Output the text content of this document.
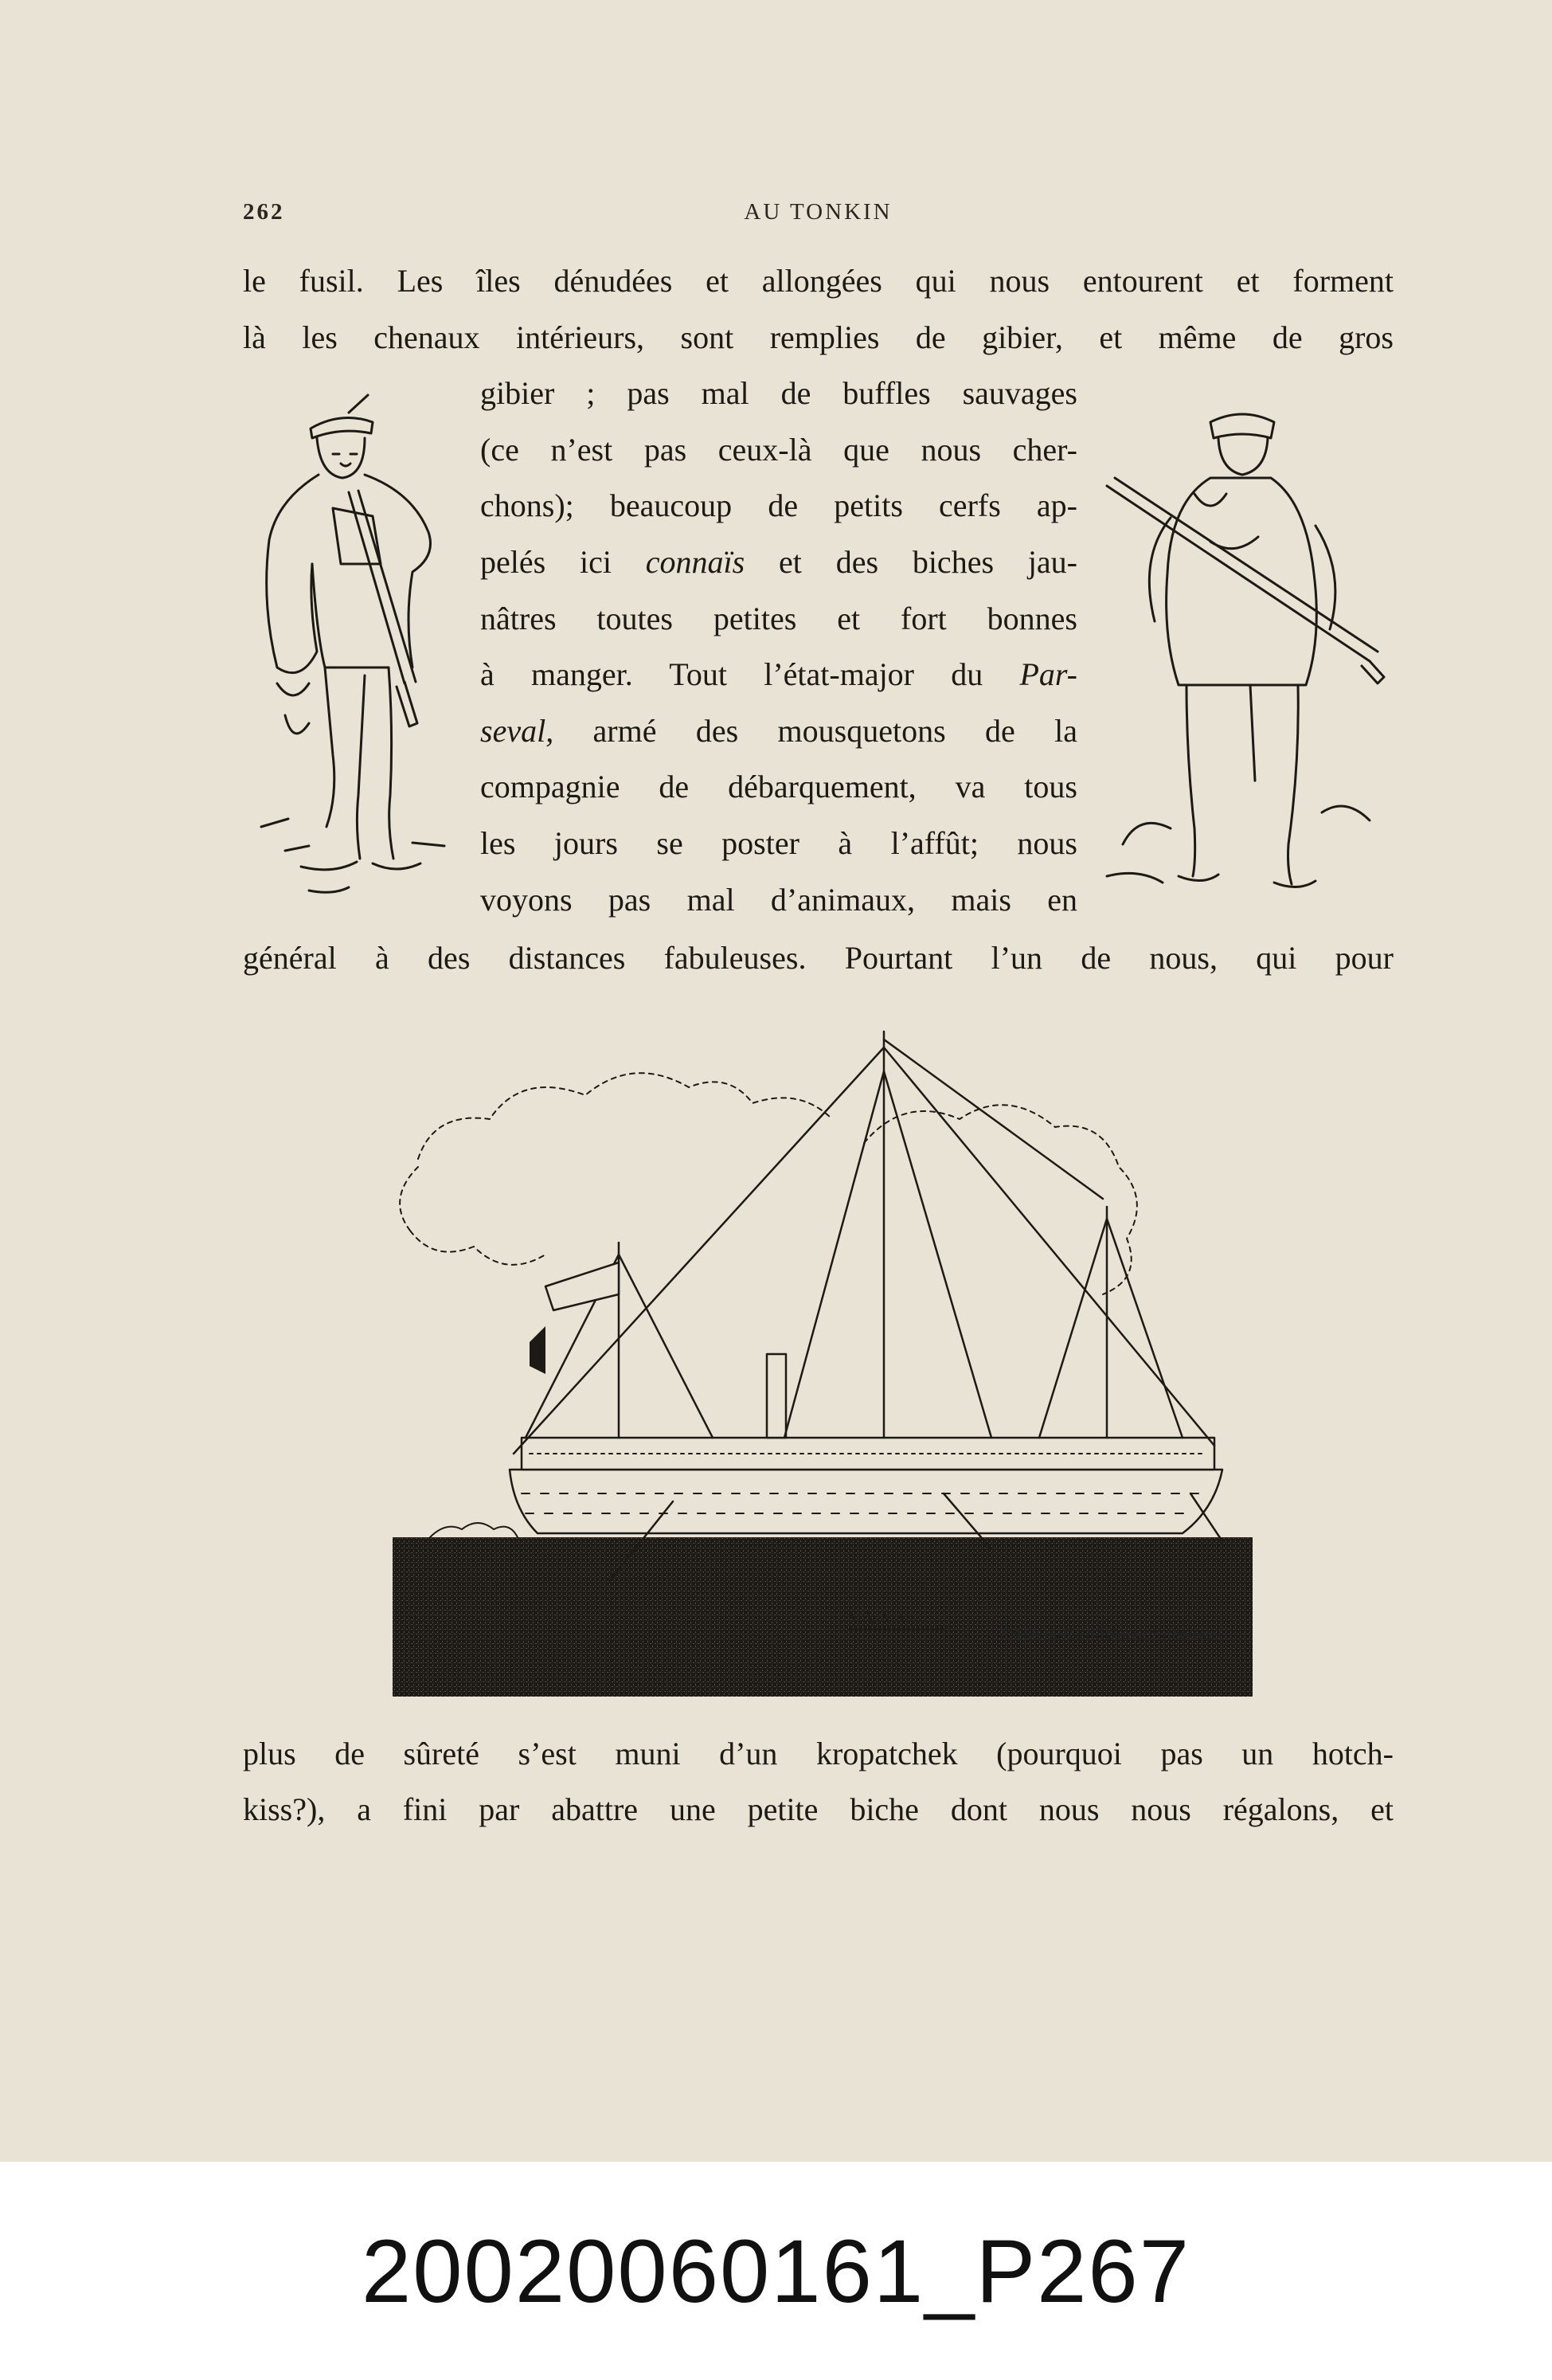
262	AU TONKIN
le fusil. Les îles dénudées et allongées qui nous entourent et forment
là les chenaux intérieurs, sont remplies de gibier, et même de gros
gibier ; pas mal de buffles sauvages
(ce n’est pas ceux-là que nous cher-
chons); beaucoup de petits cerfs ap-
pelés ici connaïs et des biches jau-
nâtres toutes petites et fort bonnes
à manger. Tout l’état-major du Par-
seval, armé des mousquetons de la
compagnie de débarquement, va tous
les jours se poster à l’affût; nous
voyons pas mal d’animaux, mais en
général à des distances fabuleuses. Pourtant l’un de nous, qui pour
L’ADOUR (bâtiment atelier)
plus de sûreté s’est muni d’un kropatchek (pourquoi pas un hotch-
kiss?), a fini par abattre une petite biche dont nous nous régalons, et
20020060161_P267
